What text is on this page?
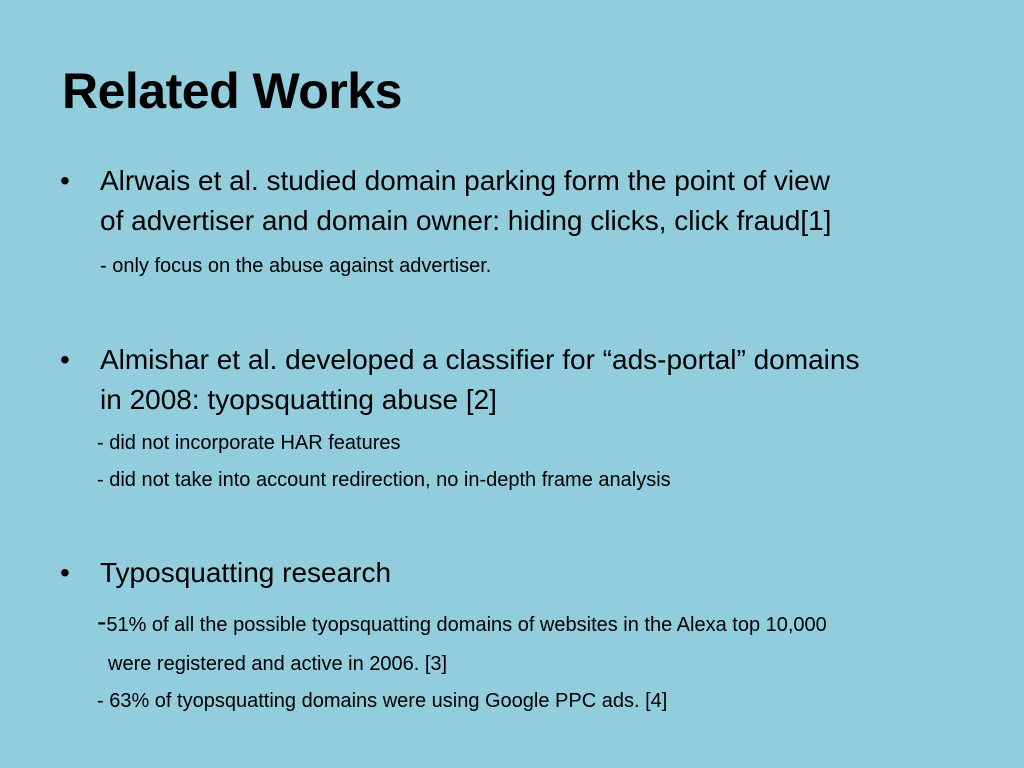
Related Works
• Alrwais et al. studied domain parking form the point of view
of advertiser and domain owner: hiding clicks, click fraud[1]
- only focus on the abuse against advertiser.
• Almishar et al. developed a classifier for “ads-portal” domains
in 2008: tyopsquatting abuse [2]
- did not incorporate HAR features
- did not take into account redirection, no in-depth frame analysis
• Typosquatting research
-51% of all the possible tyopsquatting domains of websites in the Alexa top 10,000
were registered and active in 2006. [3]
- 63% of tyopsquatting domains were using Google PPC ads. [4]
